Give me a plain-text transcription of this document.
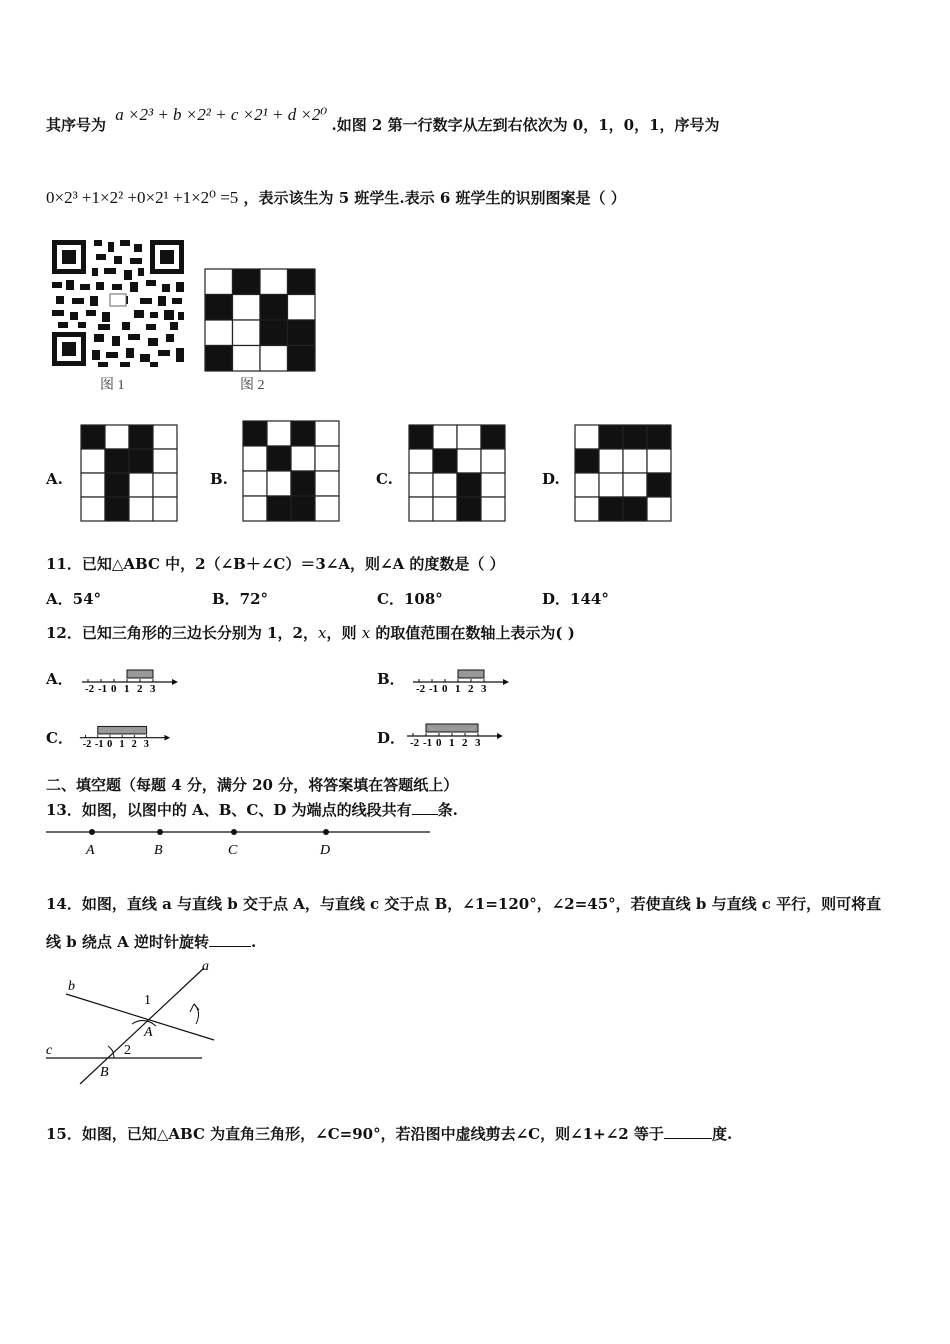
其序号为 a ×2³ + b ×2² + c ×2¹ + d ×2⁰ .如图 2 第一行数字从左到右依次为 0，1，0，1，序号为
0×2³ +1×2² +0×2¹ +1×2⁰ =5 ，表示该生为 5 班学生.表示 6 班学生的识别图案是（ ）
图 1	图 2
A.	B.	C.	D.
11．已知△ABC 中，2（∠B＋∠C）＝3∠A，则∠A 的度数是（ ）
A．54°	B．72°	C．108°	D．144°
12．已知三角形的三边长分别为 1，2，x，则 x 的取值范围在数轴上表示为( )
A．
-2 -1 0 1 2 3
B．
-2 -1 0 1 2 3
C． -2 -1 0 1 2 3	D． -2 -1 0 1 2 3
二、填空题（每题 4 分，满分 20 分，将答案填在答题纸上）
13．如图，以图中的 A、B、C、D 为端点的线段共有 条.
A	B	C	D
14．如图，直线 a 与直线 b 交于点 A，与直线 c 交于点 B，∠1=120°，∠2=45°，若使直线 b 与直线 c 平行，则可将直
线 b 绕点 A 逆时针旋转	.
a
b
c
A
B
1
2
15．如图，已知△ABC 为直角三角形，∠C=90°，若沿图中虚线剪去∠C，则∠1+∠2 等于	度.
